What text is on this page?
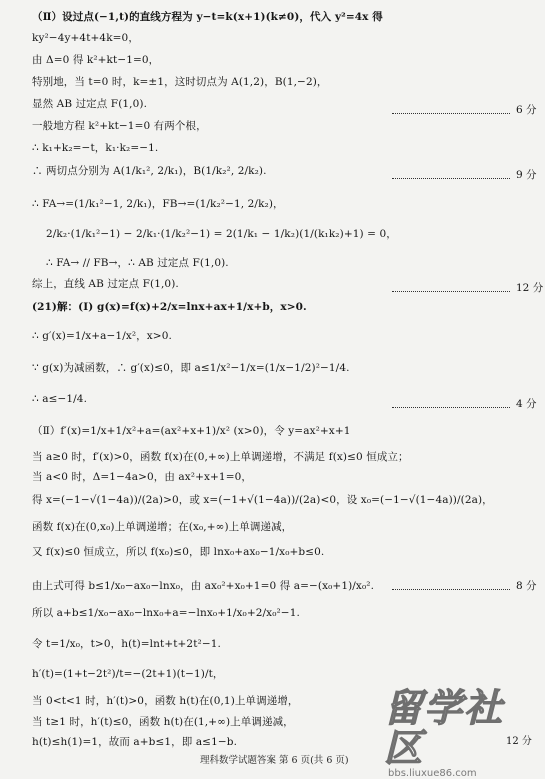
（Ⅱ）设过点(−1,t)的直线方程为 y−t=k(x+1)(k≠0)，代入 y²=4x 得
ky²−4y+4t+4k=0，
由 Δ=0 得 k²+kt−1=0，
特别地，当 t=0 时，k=±1，这时切点为 A(1,2)，B(1,−2)，
显然 AB 过定点 F(1,0).
一般地方程 k²+kt−1=0 有两个根，
∴ k₁+k₂=−t，k₁·k₂=−1.
∴ 两切点分别为 A(1/k₁², 2/k₁)，B(1/k₂², 2/k₂).
∴ FA→=(1/k₁²−1, 2/k₁)，FB→=(1/k₂²−1, 2/k₂)，
2/k₂·(1/k₁²−1) − 2/k₁·(1/k₂²−1) = 2(1/k₁ − 1/k₂)(1/(k₁k₂)+1) = 0，
∴ FA→ // FB→，∴ AB 过定点 F(1,0).
综上，直线 AB 过定点 F(1,0).
(21)解：(Ⅰ) g(x)=f(x)+2/x=lnx+ax+1/x+b，x>0.
∴ g′(x)=1/x+a−1/x²，x>0.
∵ g(x)为减函数，∴ g′(x)≤0，即 a≤1/x²−1/x=(1/x−1/2)²−1/4.
∴ a≤−1/4.
（Ⅱ）f′(x)=1/x+1/x²+a=(ax²+x+1)/x² (x>0)，令 y=ax²+x+1
当 a≥0 时，f′(x)>0，函数 f(x)在(0,+∞)上单调递增，不满足 f(x)≤0 恒成立；
当 a<0 时，Δ=1−4a>0，由 ax²+x+1=0，
得 x=(−1−√(1−4a))/(2a)>0，或 x=(−1+√(1−4a))/(2a)<0，设 x₀=(−1−√(1−4a))/(2a)，
函数 f(x)在(0,x₀)上单调递增；在(x₀,+∞)上单调递减，
又 f(x)≤0 恒成立，所以 f(x₀)≤0，即 lnx₀+ax₀−1/x₀+b≤0.
由上式可得 b≤1/x₀−ax₀−lnx₀，由 ax₀²+x₀+1=0 得 a=−(x₀+1)/x₀².
所以 a+b≤1/x₀−ax₀−lnx₀+a=−lnx₀+1/x₀+2/x₀²−1.
令 t=1/x₀，t>0，h(t)=lnt+t+2t²−1.
h′(t)=(1+t−2t²)/t=−(2t+1)(t−1)/t，
当 0<t<1 时，h′(t)>0，函数 h(t)在(0,1)上单调递增，
当 t≥1 时，h′(t)≤0，函数 h(t)在(1,+∞)上单调递减，
h(t)≤h(1)=1，故而 a+b≤1，即 a≤1−b.
6 分
9 分
12 分
4 分
8 分
12 分
理科数学试题答案 第 6 页(共 6 页)
留学社区
bbs.liuxue86.com
